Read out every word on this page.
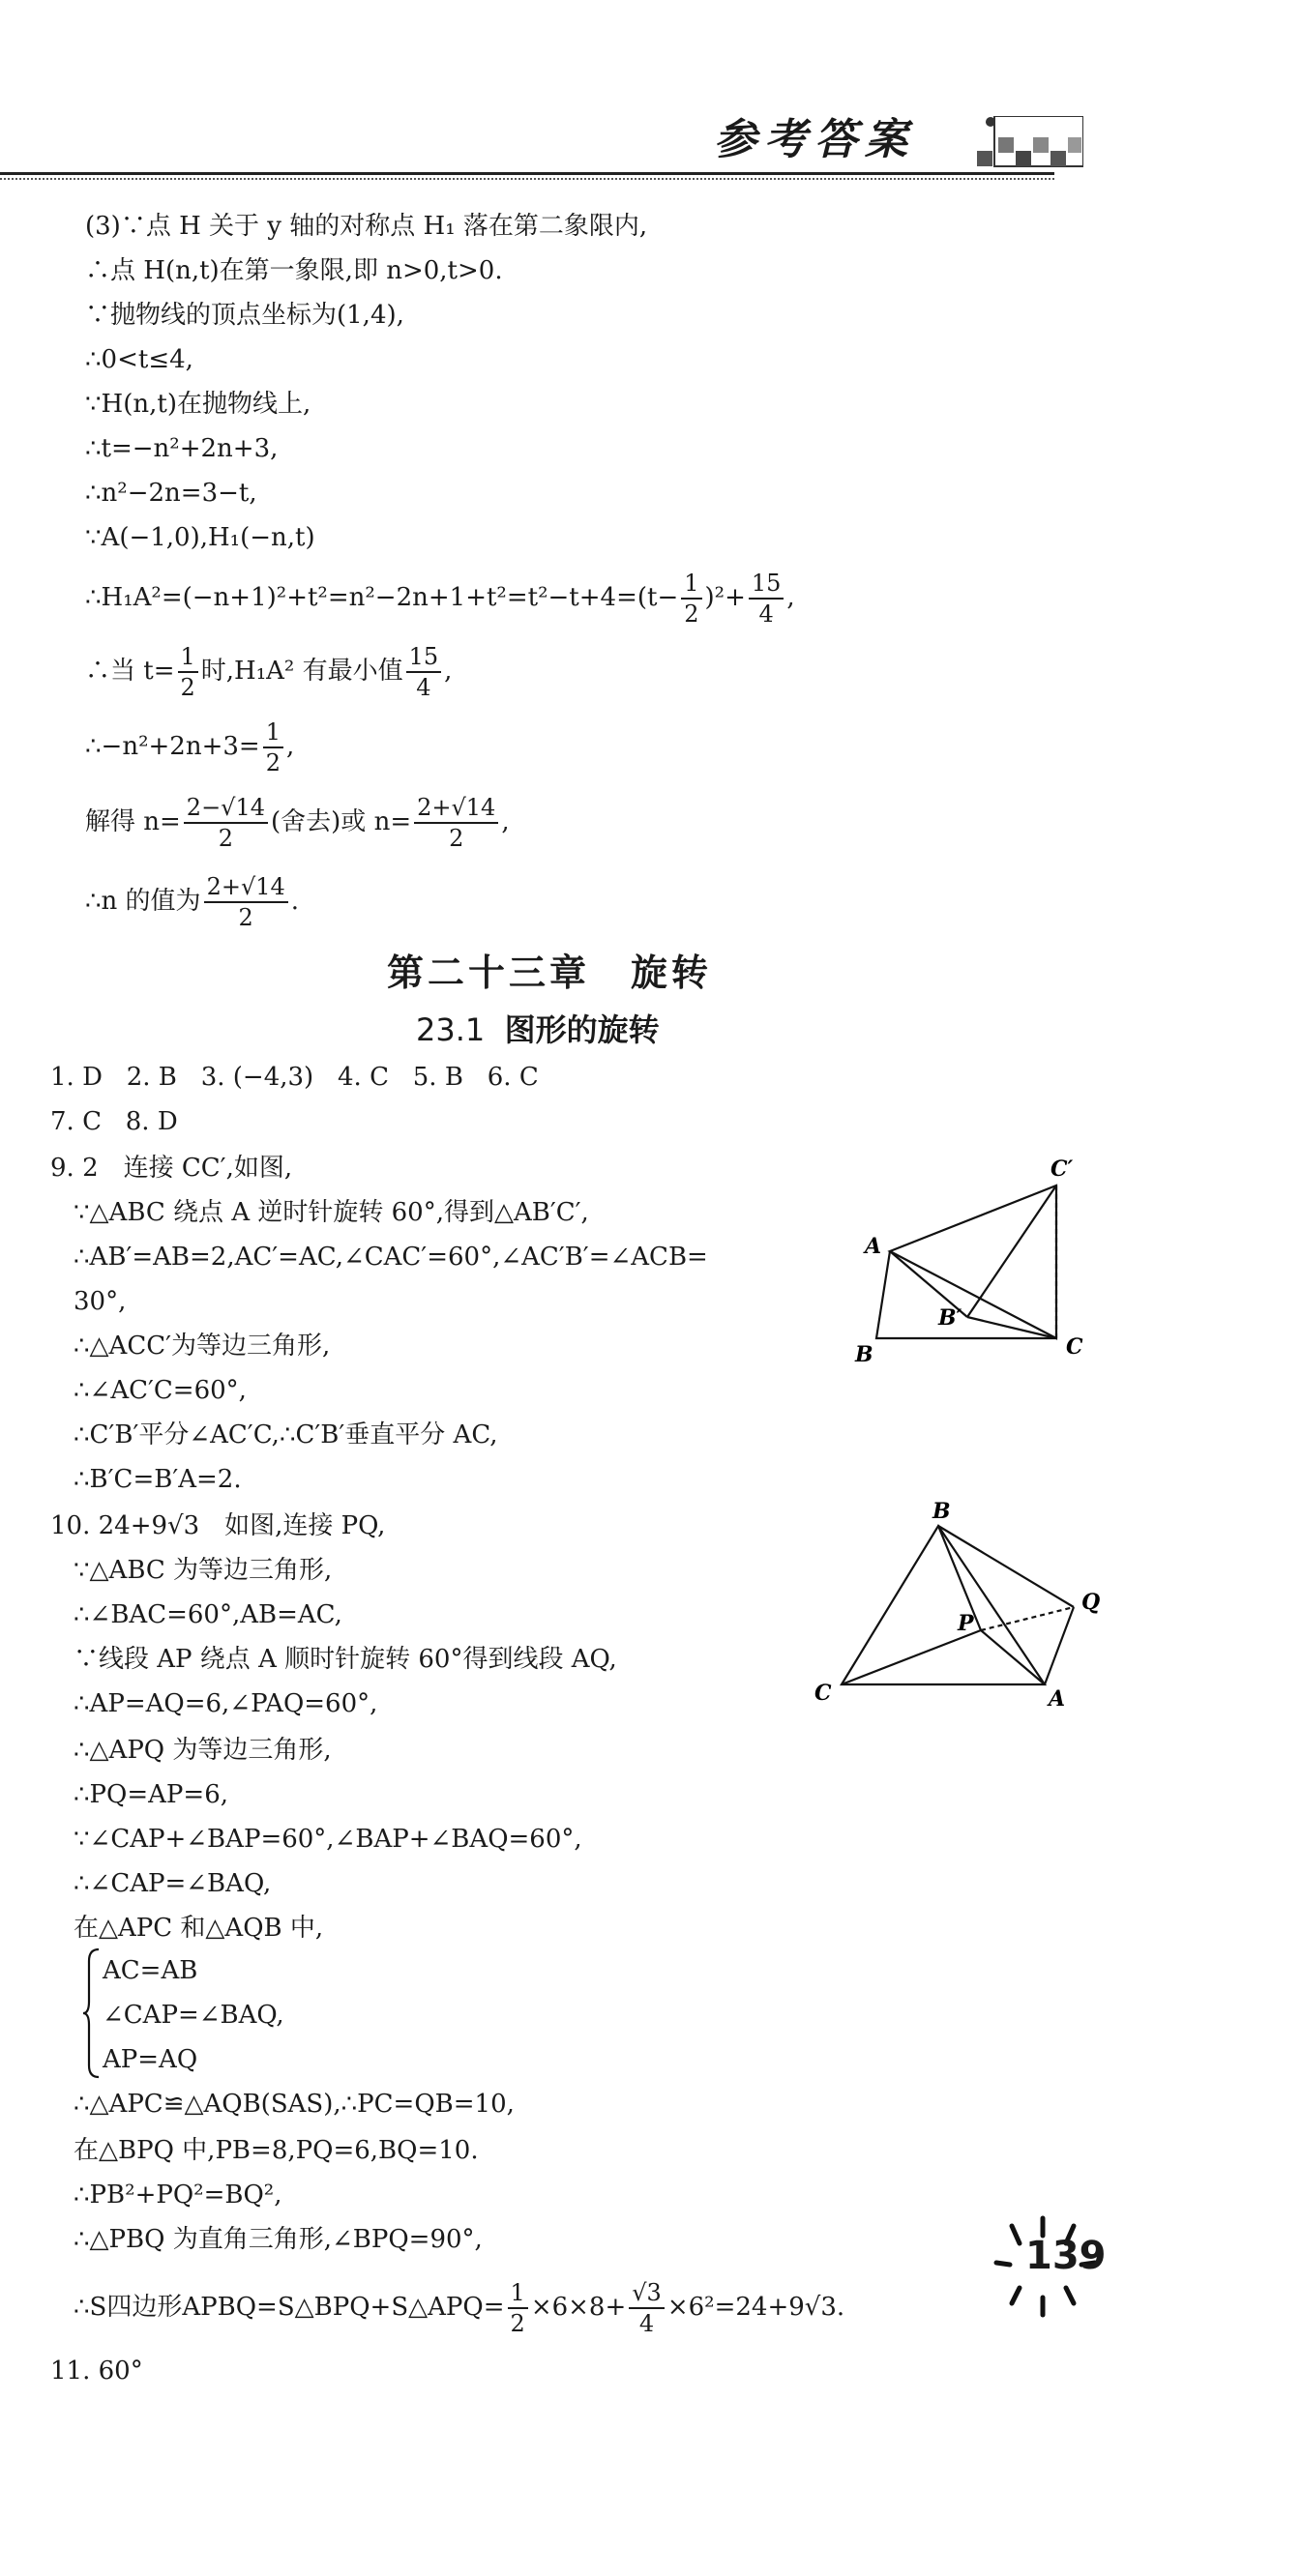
参考答案
(3)∵点 H 关于 y 轴的对称点 H₁ 落在第二象限内,
∴点 H(n,t)在第一象限,即 n>0,t>0.
∵抛物线的顶点坐标为(1,4),
∴0<t≤4,
∵H(n,t)在抛物线上,
∴t=−n²+2n+3,
∴n²−2n=3−t,
∵A(−1,0),H₁(−n,t)
∴H₁A²=(−n+1)²+t²=n²−2n+1+t²=t²−t+4=(t− $\frac{1}{2} )^2+ \frac{15}{4}$ ,
∴当 $t= \frac{1}{2}$ 时,H₁A² 有最小值 $\frac{15}{4}$ ,
∴−n²+2n+3= $\frac{1}{2}$ ,
解得 $n= \frac{2-√14}{2}$ (舍去)或 $n= \frac{2+√14}{2}$ ,
∴n 的值为 $\frac{2+√14}{2}$ .
第二十三章　旋转
23.1 图形的旋转
1. D 2. B 3. (−4,3) 4. C 5. B 6. C
7. C 8. D
9. 2　连接 CC′,如图,
∵△ABC 绕点 A 逆时针旋转 60°,得到△AB′C′,
∴AB′=AB=2,AC′=AC,∠CAC′=60°,∠AC′B′=∠ACB=
30°,
∴△ACC′为等边三角形,
∴∠AC′C=60°,
∴C′B′平分∠AC′C,∴C′B′垂直平分 AC,
∴B′C=B′A=2.
C′
A
B′
B	C
10. 24+9√3　如图,连接 PQ,
∵△ABC 为等边三角形,
∴∠BAC=60°,AB=AC,
∵线段 AP 绕点 A 顺时针旋转 60°得到线段 AQ,
∴AP=AQ=6,∠PAQ=60°,
∴△APQ 为等边三角形,
∴PQ=AP=6,
∵∠CAP+∠BAP=60°,∠BAP+∠BAQ=60°,
∴∠CAP=∠BAQ,
在△APC 和△AQB 中,
AC=AB
∠CAP=∠BAQ,
AP=AQ
∴△APC≌△AQB(SAS),∴PC=QB=10,
在△BPQ 中,PB=8,PQ=6,BQ=10.
∴PB²+PQ²=BQ²,
∴△PBQ 为直角三角形,∠BPQ=90°,
∴S四边形APBQ=S△BPQ+S△APQ= $\frac{1}{2} \times 6\times 8+ \frac{√3}{4} \times 6^2=24+9√3$.
B
Q
P
C	A
11. 60°
139
